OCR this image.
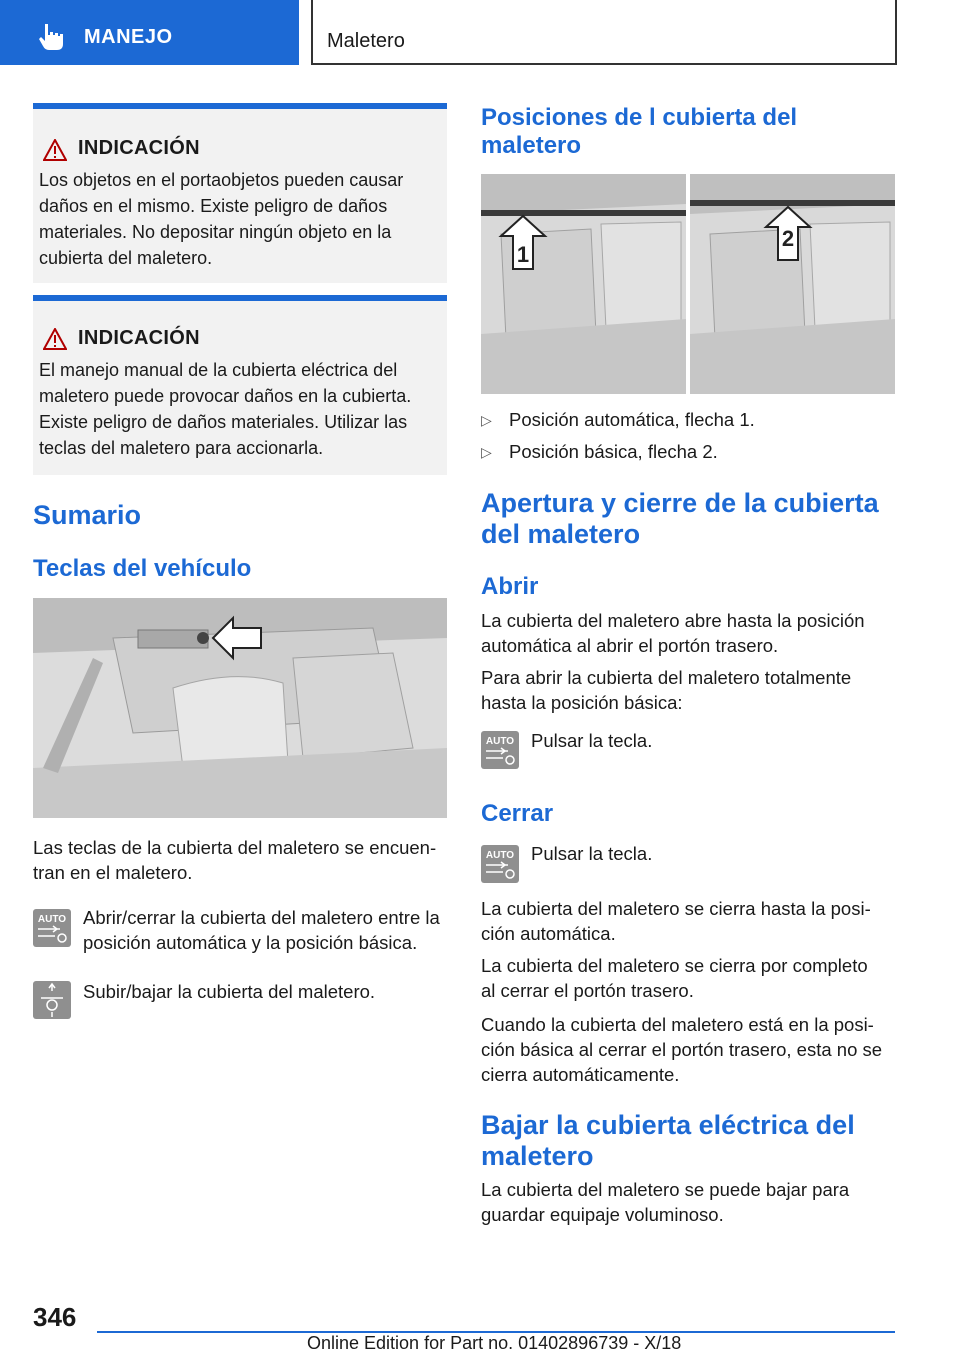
MANEJO	Maletero
INDICACIÓN
Los objetos en el portaobjetos pueden causar
daños en el mismo. Existe peligro de daños
materiales. No depositar ningún objeto en la
cubierta del maletero.
INDICACIÓN
El manejo manual de la cubierta eléctrica del
maletero puede provocar daños en la cubierta.
Existe peligro de daños materiales. Utilizar las
teclas del maletero para accionarla.
Sumario
Teclas del vehículo
Las teclas de la cubierta del maletero se encuen-
tran en el maletero.
AUTO Abrir/cerrar la cubierta del maletero entre la
posición automática y la posición básica.
Subir/bajar la cubierta del maletero.
Posiciones de l cubierta del
maletero
1
2
▷ Posición automática, flecha 1.
▷ Posición básica, flecha 2.
Apertura y cierre de la cubierta
del maletero
Abrir
La cubierta del maletero abre hasta la posición
automática al abrir el portón trasero.
Para abrir la cubierta del maletero totalmente
hasta la posición básica:
AUTO Pulsar la tecla.
Cerrar
AUTO Pulsar la tecla.
La cubierta del maletero se cierra hasta la posi-
ción automática.
La cubierta del maletero se cierra por completo
al cerrar el portón trasero.
Cuando la cubierta del maletero está en la posi-
ción básica al cerrar el portón trasero, esta no se
cierra automáticamente.
Bajar la cubierta eléctrica del
maletero
La cubierta del maletero se puede bajar para
guardar equipaje voluminoso.
346
Online Edition for Part no. 01402896739 - X/18
